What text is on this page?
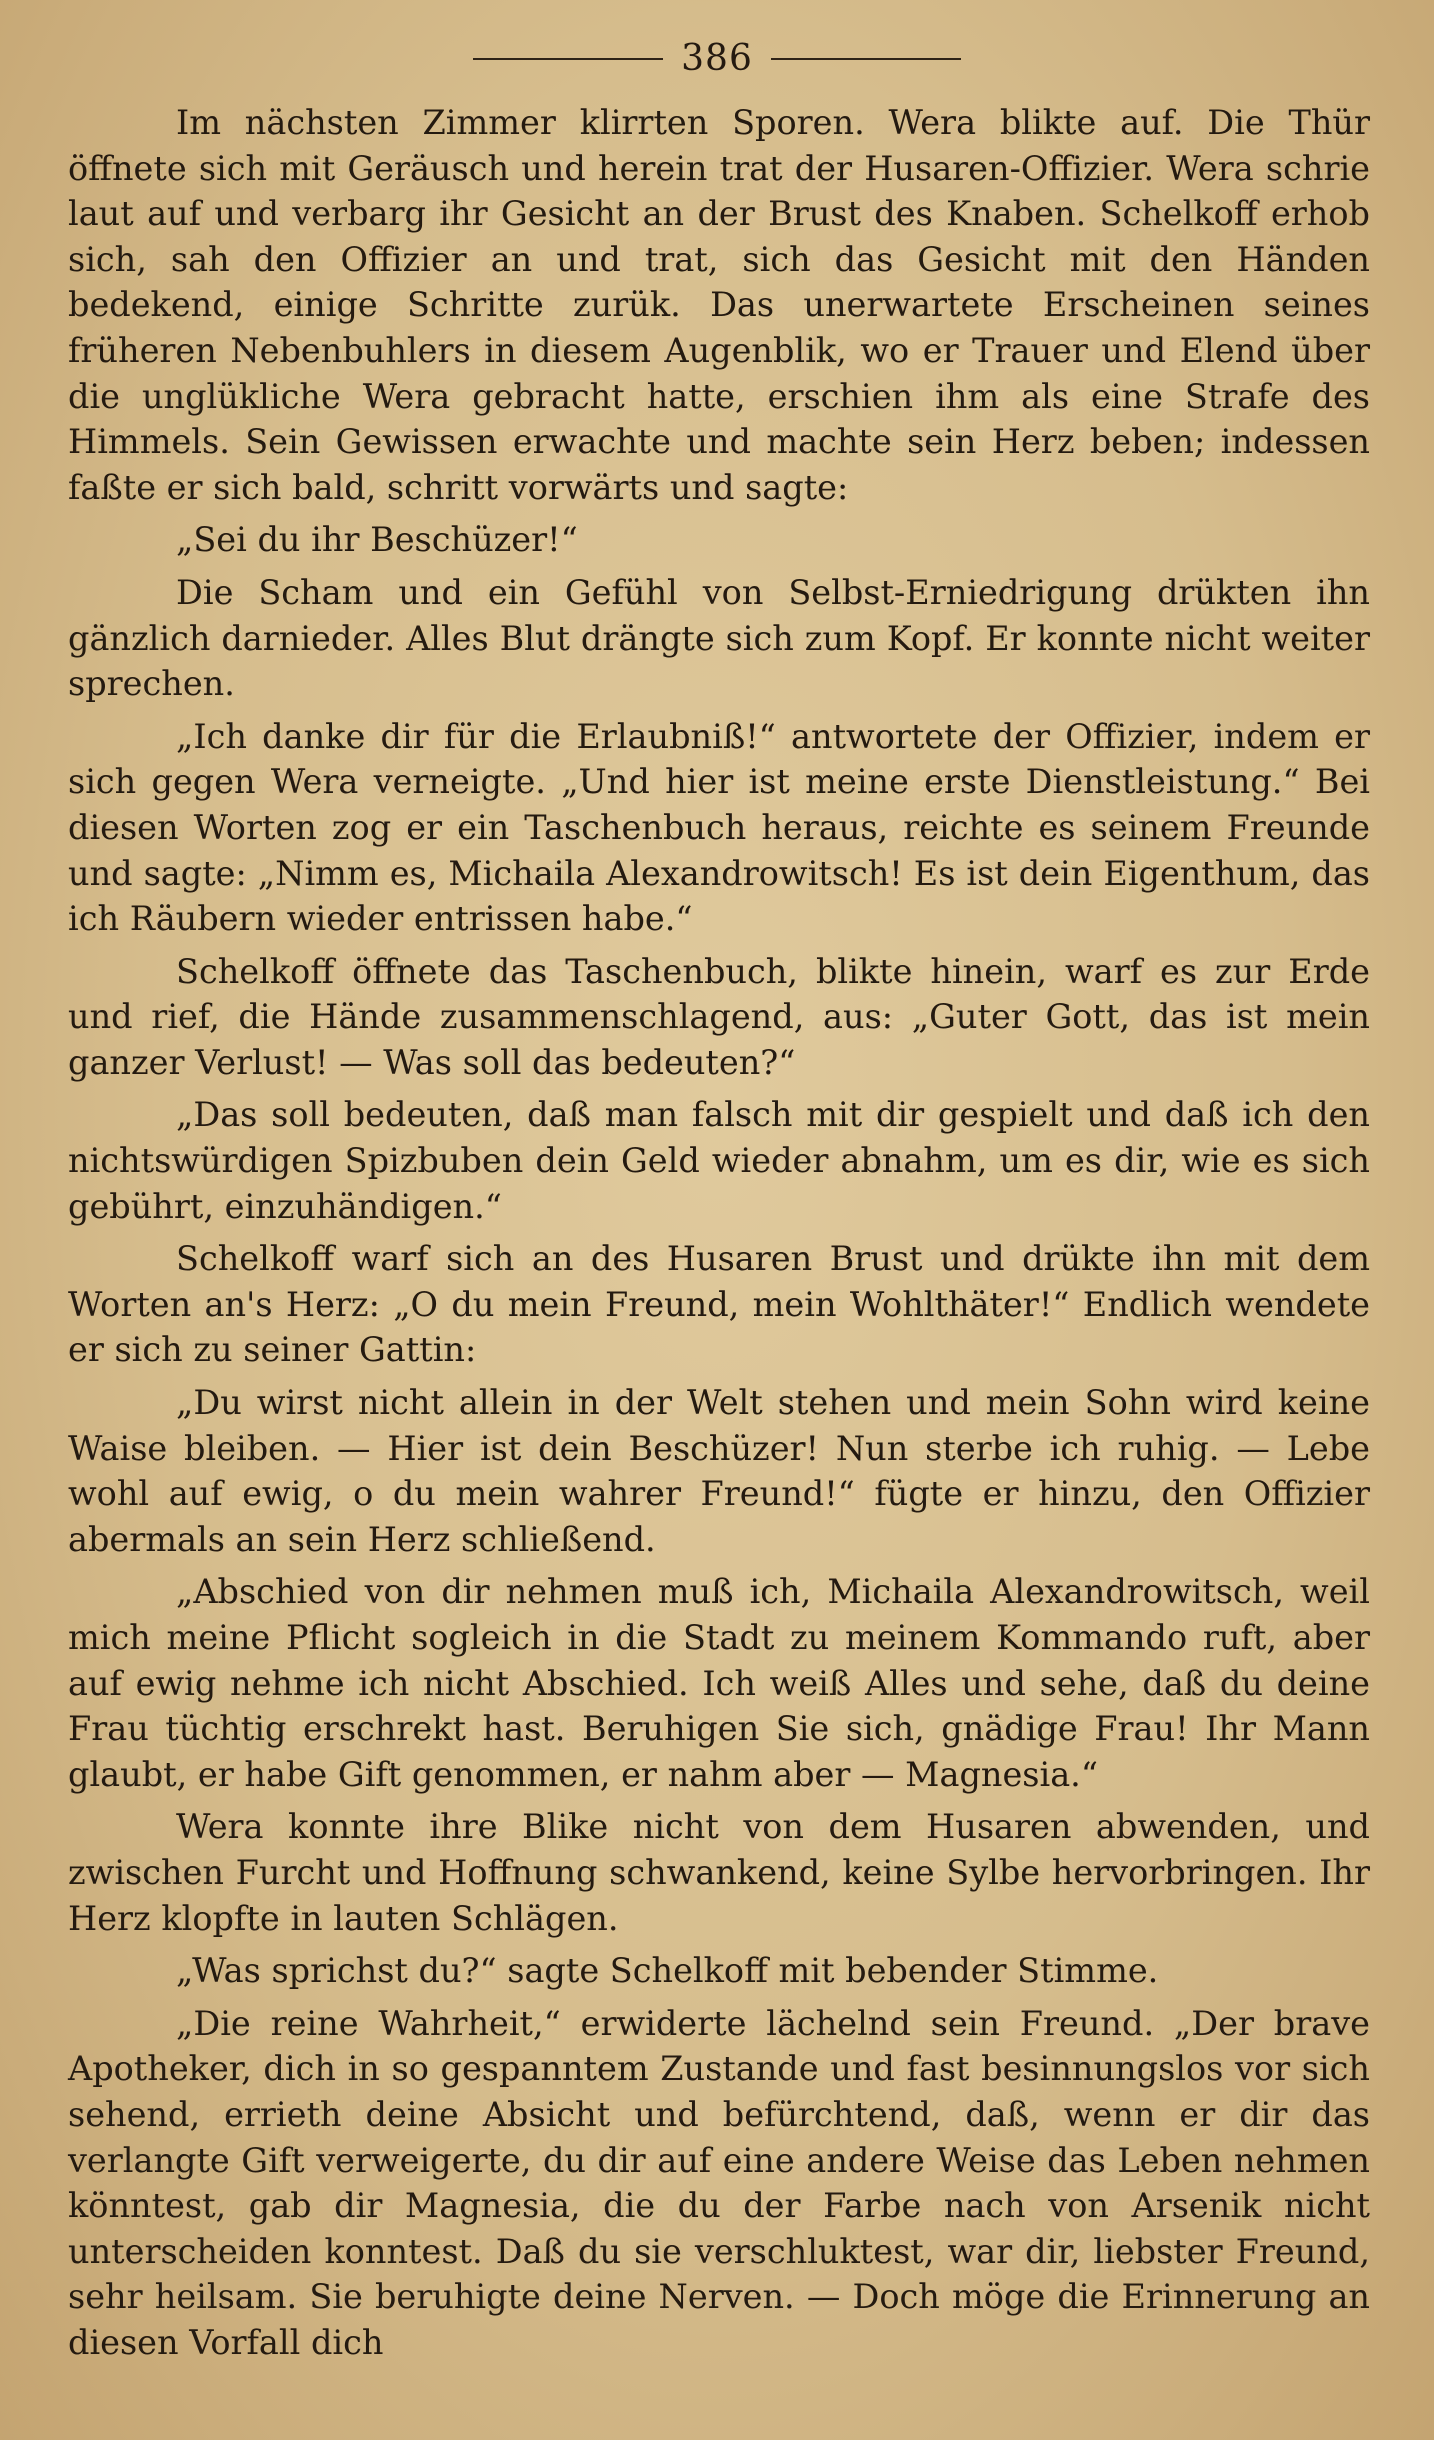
386

Im nächsten Zimmer klirrten Sporen. Wera blikte auf. Die Thür öffnete sich mit Geräusch und herein trat der Husaren-Offizier. Wera schrie laut auf und verbarg ihr Gesicht an der Brust des Knaben. Schelkoff erhob sich, sah den Offizier an und trat, sich das Gesicht mit den Händen bedekend, einige Schritte zurük. Das unerwartete Erscheinen seines früheren Nebenbuhlers in diesem Augenblik, wo er Trauer und Elend über die unglükliche Wera gebracht hatte, erschien ihm als eine Strafe des Himmels. Sein Gewissen erwachte und machte sein Herz beben; indessen faßte er sich bald, schritt vorwärts und sagte:

„Sei du ihr Beschüzer!“

Die Scham und ein Gefühl von Selbst-Erniedrigung drükten ihn gänzlich darnieder. Alles Blut drängte sich zum Kopf. Er konnte nicht weiter sprechen.

„Ich danke dir für die Erlaubniß!“ antwortete der Offizier, indem er sich gegen Wera verneigte. „Und hier ist meine erste Dienstleistung.“ Bei diesen Worten zog er ein Taschenbuch heraus, reichte es seinem Freunde und sagte: „Nimm es, Michaila Alexandrowitsch! Es ist dein Eigenthum, das ich Räubern wieder entrissen habe.“

Schelkoff öffnete das Taschenbuch, blikte hinein, warf es zur Erde und rief, die Hände zusammenschlagend, aus: „Guter Gott, das ist mein ganzer Verlust! — Was soll das bedeuten?“

„Das soll bedeuten, daß man falsch mit dir gespielt und daß ich den nichtswürdigen Spizbuben dein Geld wieder abnahm, um es dir, wie es sich gebührt, einzuhändigen.“

Schelkoff warf sich an des Husaren Brust und drükte ihn mit dem Worten an's Herz: „O du mein Freund, mein Wohlthäter!“ Endlich wendete er sich zu seiner Gattin:

„Du wirst nicht allein in der Welt stehen und mein Sohn wird keine Waise bleiben. — Hier ist dein Beschüzer! Nun sterbe ich ruhig. — Lebe wohl auf ewig, o du mein wahrer Freund!“ fügte er hinzu, den Offizier abermals an sein Herz schließend.

„Abschied von dir nehmen muß ich, Michaila Alexandrowitsch, weil mich meine Pflicht sogleich in die Stadt zu meinem Kommando ruft, aber auf ewig nehme ich nicht Abschied. Ich weiß Alles und sehe, daß du deine Frau tüchtig erschrekt hast. Beruhigen Sie sich, gnädige Frau! Ihr Mann glaubt, er habe Gift genommen, er nahm aber — Magnesia.“

Wera konnte ihre Blike nicht von dem Husaren abwenden, und zwischen Furcht und Hoffnung schwankend, keine Sylbe hervorbringen. Ihr Herz klopfte in lauten Schlägen.

„Was sprichst du?“ sagte Schelkoff mit bebender Stimme.

„Die reine Wahrheit,“ erwiderte lächelnd sein Freund. „Der brave Apotheker, dich in so gespanntem Zustande und fast besinnungslos vor sich sehend, errieth deine Absicht und befürchtend, daß, wenn er dir das verlangte Gift verweigerte, du dir auf eine andere Weise das Leben nehmen könntest, gab dir Magnesia, die du der Farbe nach von Arsenik nicht unterscheiden konntest. Daß du sie verschluktest, war dir, liebster Freund, sehr heilsam. Sie beruhigte deine Nerven. — Doch möge die Erinnerung an diesen Vorfall dich
